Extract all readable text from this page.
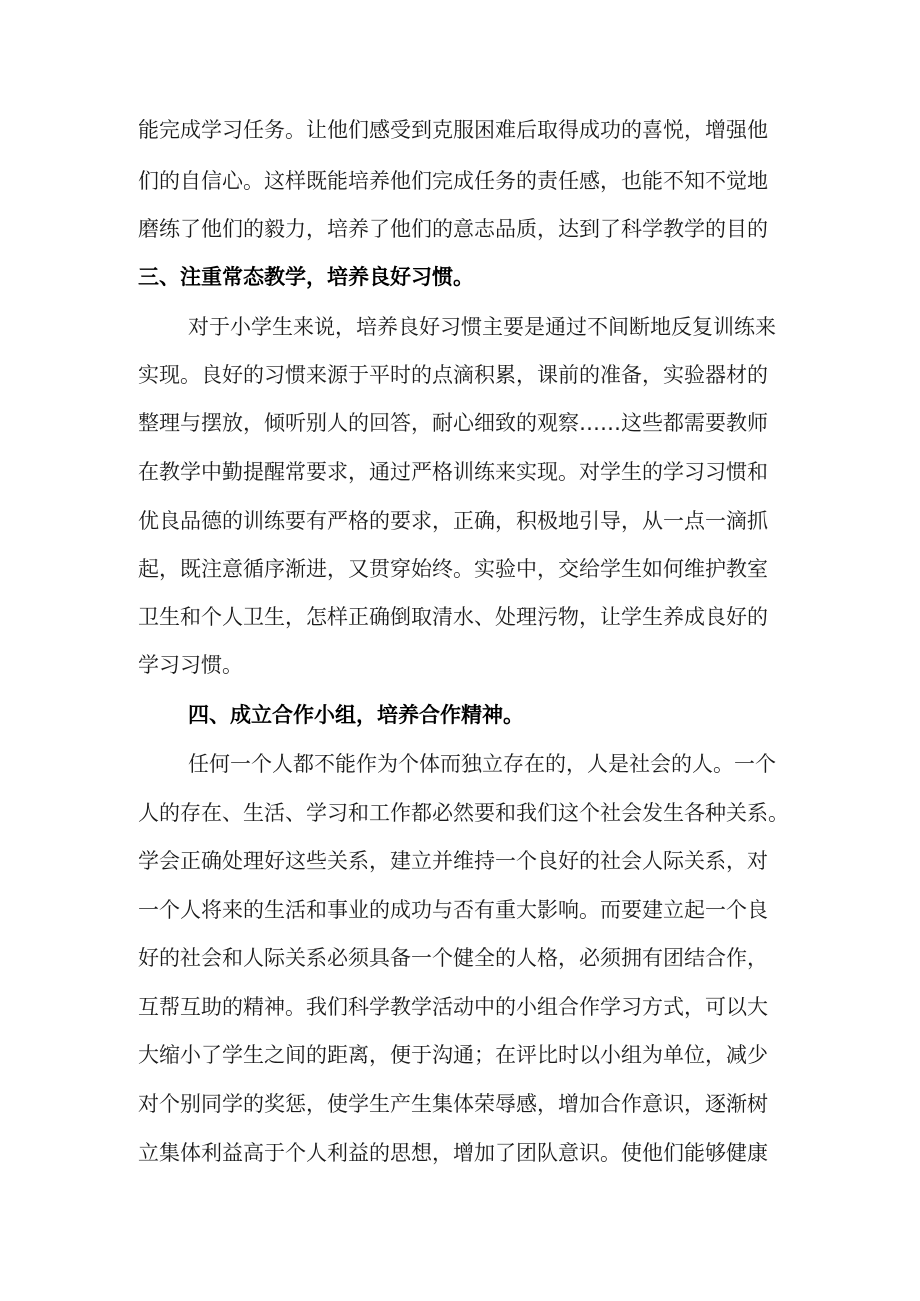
能完成学习任务。让他们感受到克服困难后取得成功的喜悦，增强他

们的自信心。这样既能培养他们完成任务的责任感，也能不知不觉地

磨练了他们的毅力，培养了他们的意志品质，达到了科学教学的目的

三、注重常态教学，培养良好习惯。

对于小学生来说，培养良好习惯主要是通过不间断地反复训练来

实现。良好的习惯来源于平时的点滴积累，课前的准备，实验器材的

整理与摆放，倾听别人的回答，耐心细致的观察……这些都需要教师

在教学中勤提醒常要求，通过严格训练来实现。对学生的学习习惯和

优良品德的训练要有严格的要求，正确，积极地引导，从一点一滴抓

起，既注意循序渐进，又贯穿始终。实验中，交给学生如何维护教室

卫生和个人卫生，怎样正确倒取清水、处理污物，让学生养成良好的

学习习惯。

四、成立合作小组，培养合作精神。

任何一个人都不能作为个体而独立存在的，人是社会的人。一个

人的存在、生活、学习和工作都必然要和我们这个社会发生各种关系。

学会正确处理好这些关系，建立并维持一个良好的社会人际关系，对

一个人将来的生活和事业的成功与否有重大影响。而要建立起一个良

好的社会和人际关系必须具备一个健全的人格，必须拥有团结合作，

互帮互助的精神。我们科学教学活动中的小组合作学习方式，可以大

大缩小了学生之间的距离，便于沟通；在评比时以小组为单位，减少

对个别同学的奖惩，使学生产生集体荣辱感，增加合作意识，逐渐树

立集体利益高于个人利益的思想，增加了团队意识。使他们能够健康
